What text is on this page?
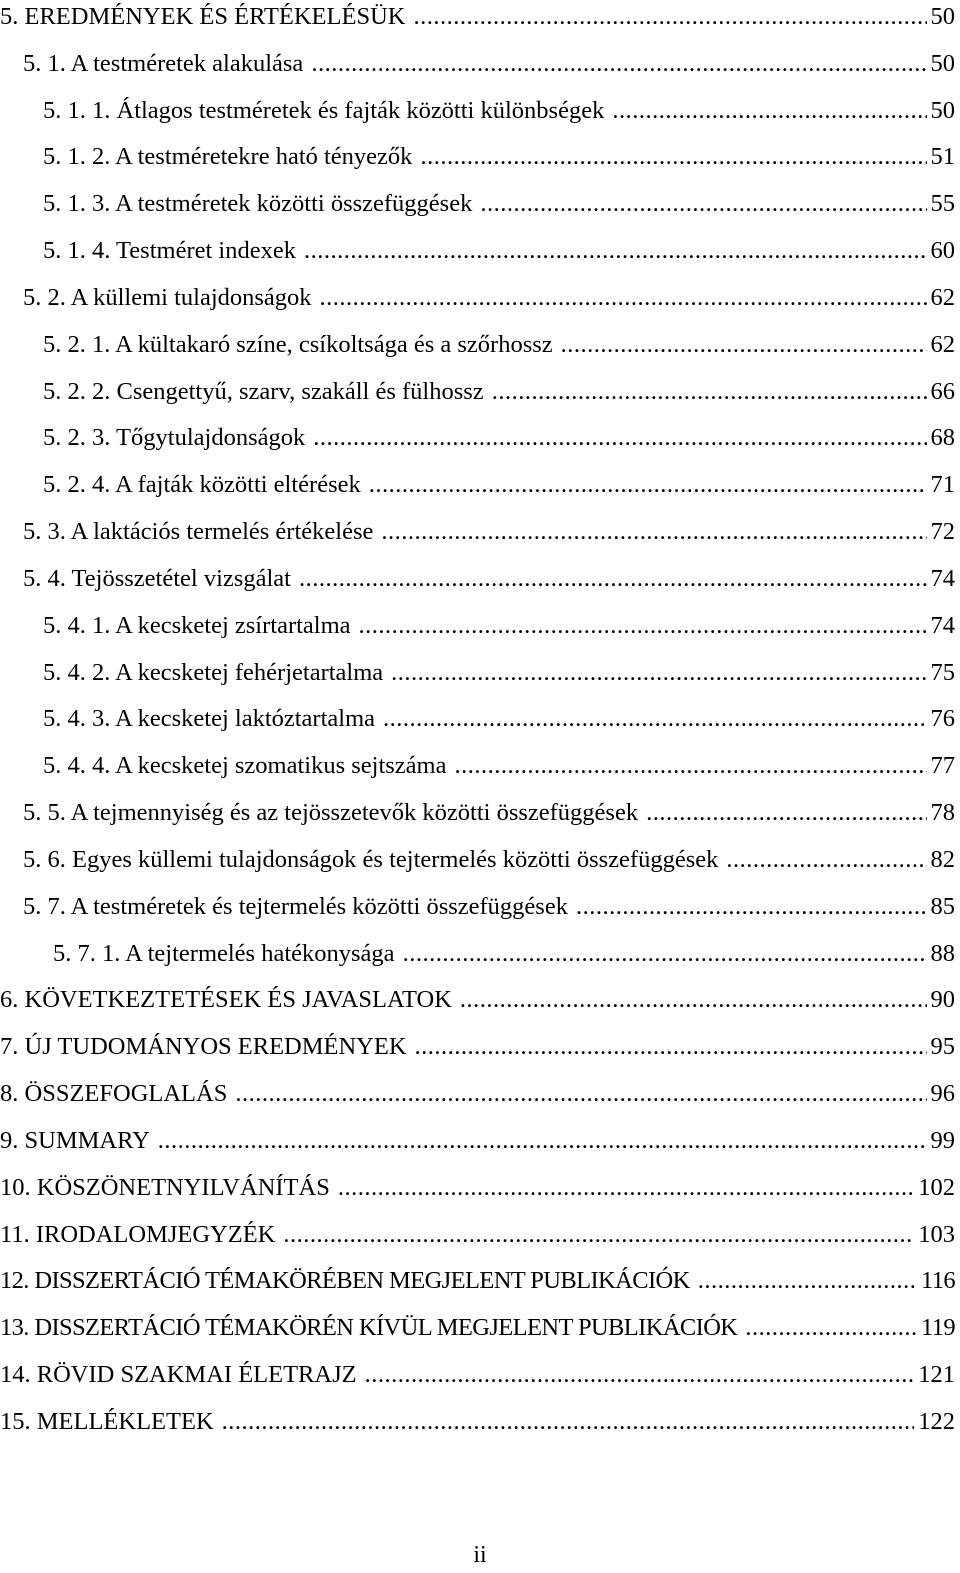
5. EREDMÉNYEK ÉS ÉRTÉKELÉSÜK .....	50
5. 1. A testméretek alakulása .....	50
5. 1. 1. Átlagos testméretek és fajták közötti különbségek .....	50
5. 1. 2. A testméretekre ható tényezők .....	51
5. 1. 3. A testméretek közötti összefüggések .....	55
5. 1. 4. Testméret indexek .....	60
5. 2. A küllemi tulajdonságok .....	62
5. 2. 1. A kültakaró színe, csíkoltsága és a szőrhossz .....	62
5. 2. 2. Csengettyű, szarv, szakáll és fülhossz .....	66
5. 2. 3. Tőgytulajdonságok .....	68
5. 2. 4. A fajták közötti eltérések .....	71
5. 3. A laktációs termelés értékelése .....	72
5. 4. Tejösszetétel vizsgálat .....	74
5. 4. 1. A kecsketej zsírtartalma .....	74
5. 4. 2. A kecsketej fehérjetartalma .....	75
5. 4. 3. A kecsketej laktóztartalma .....	76
5. 4. 4. A kecsketej szomatikus sejtszáma .....	77
5. 5. A tejmennyiség és az tejösszetevők közötti összefüggések .....	78
5. 6. Egyes küllemi tulajdonságok és tejtermelés közötti összefüggések .....	82
5. 7. A testméretek és tejtermelés közötti összefüggések .....	85
5. 7. 1. A tejtermelés hatékonysága .....	88
6. KÖVETKEZTETÉSEK ÉS JAVASLATOK .....	90
7. ÚJ TUDOMÁNYOS EREDMÉNYEK .....	95
8. ÖSSZEFOGLALÁS .....	96
9. SUMMARY .....	99
10. KÖSZÖNETNYILVÁNÍTÁS .....	102
11. IRODALOMJEGYZÉK .....	103
12. DISSZERTÁCIÓ TÉMAKÖRÉBEN MEGJELENT PUBLIKÁCIÓK .....	116
13. DISSZERTÁCIÓ TÉMAKÖRÉN KÍVÜL MEGJELENT PUBLIKÁCIÓK .....	119
14. RÖVID SZAKMAI ÉLETRAJZ .....	121
15. MELLÉKLETEK .....	122
ii
